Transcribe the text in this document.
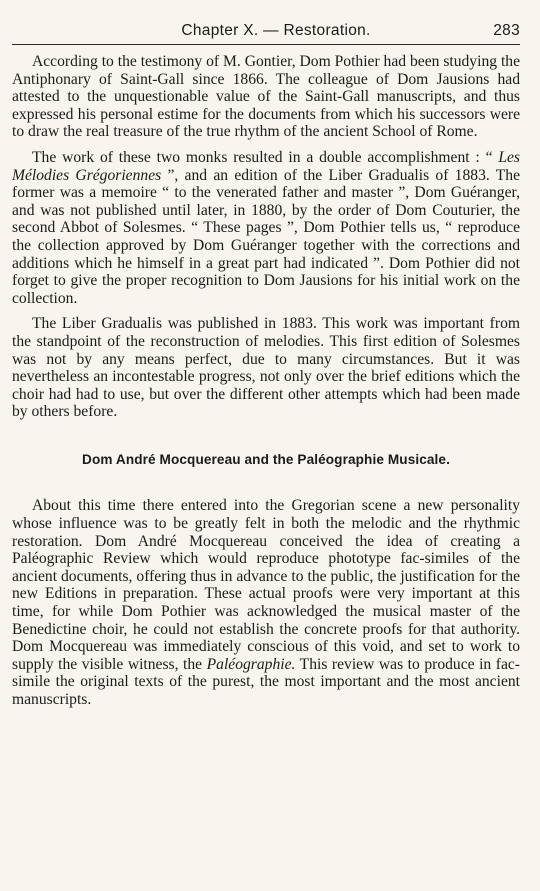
Chapter X. — Restoration.	283

According to the testimony of M. Gontier, Dom Pothier had been studying the Antiphonary of Saint-Gall since 1866. The colleague of Dom Jausions had attested to the unquestionable value of the Saint-Gall manuscripts, and thus expressed his personal estime for the documents from which his successors were to draw the real treasure of the true rhythm of the ancient School of Rome.

The work of these two monks resulted in a double accomplishment : “ Les Mélodies Grégoriennes ”, and an edition of the Liber Gradualis of 1883. The former was a memoire “ to the venerated father and master ”, Dom Guéranger, and was not published until later, in 1880, by the order of Dom Couturier, the second Abbot of Solesmes. “ These pages ”, Dom Pothier tells us, “ reproduce the collection approved by Dom Guéranger together with the corrections and additions which he himself in a great part had indicated ”. Dom Pothier did not forget to give the proper recognition to Dom Jausions for his initial work on the collection.

The Liber Gradualis was published in 1883. This work was important from the standpoint of the reconstruction of melodies. This first edition of Solesmes was not by any means perfect, due to many circumstances. But it was nevertheless an incontestable progress, not only over the brief editions which the choir had had to use, but over the different other attempts which had been made by others before.

Dom André Mocquereau and the Paléographie Musicale.

About this time there entered into the Gregorian scene a new personality whose influence was to be greatly felt in both the melodic and the rhythmic restoration. Dom André Mocquereau conceived the idea of creating a Paléographic Review which would reproduce phototype fac-similes of the ancient documents, offering thus in advance to the public, the justification for the new Editions in preparation. These actual proofs were very important at this time, for while Dom Pothier was acknowledged the musical master of the Benedictine choir, he could not establish the concrete proofs for that authority. Dom Mocquereau was immediately conscious of this void, and set to work to supply the visible witness, the Paléographie. This review was to produce in fac-simile the original texts of the purest, the most important and the most ancient manuscripts.
